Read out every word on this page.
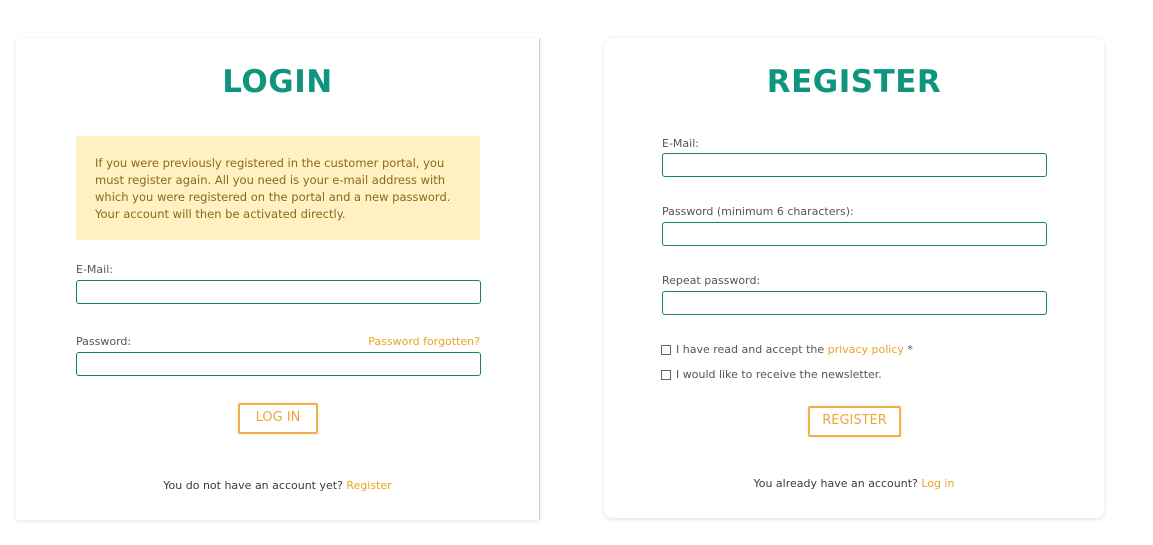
LOGIN
If you were previously registered in the customer portal, you must register again. All you need is your e-mail address with which you were registered on the portal and a new password. Your account will then be activated directly.
E-Mail:
Password:	Password forgotten?
LOG IN
You do not have an account yet? Register
REGISTER
E-Mail:
Password (minimum 6 characters):
Repeat password:
I have read and accept the
privacy policy
*
I would like to receive the newsletter.
REGISTER
You already have an account? Log in
